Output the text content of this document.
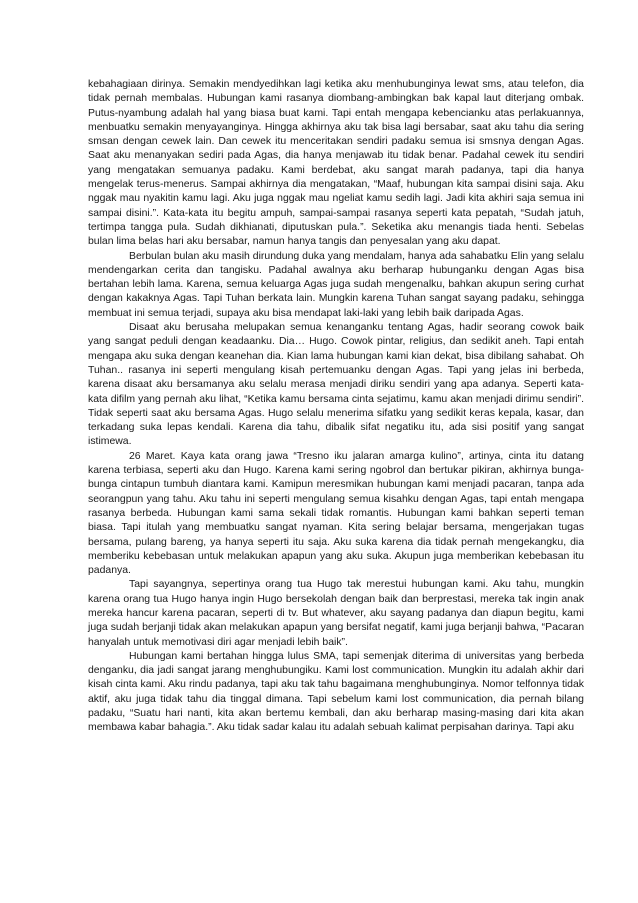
kebahagiaan dirinya. Semakin mendyedihkan lagi ketika aku menhubunginya lewat sms, atau telefon, dia tidak pernah membalas. Hubungan kami rasanya diombang-ambingkan bak kapal laut diterjang ombak. Putus-nyambung adalah hal yang biasa buat kami. Tapi entah mengapa kebencianku atas perlakuannya, menbuatku semakin menyayanginya. Hingga akhirnya aku tak bisa lagi bersabar, saat aku tahu dia sering smsan dengan cewek lain. Dan cewek itu menceritakan sendiri padaku semua isi smsnya dengan Agas. Saat aku menanyakan sediri pada Agas, dia hanya menjawab itu tidak benar. Padahal cewek itu sendiri yang mengatakan semuanya padaku. Kami berdebat, aku sangat marah padanya, tapi dia hanya mengelak terus-menerus. Sampai akhirnya dia mengatakan, “Maaf, hubungan kita sampai disini saja. Aku nggak mau nyakitin kamu lagi. Aku juga nggak mau ngeliat kamu sedih lagi. Jadi kita akhiri saja semua ini sampai disini.”. Kata-kata itu begitu ampuh, sampai-sampai rasanya seperti kata pepatah, “Sudah jatuh, tertimpa tangga pula. Sudah dikhianati, diputuskan pula.”. Seketika aku menangis tiada henti. Sebelas bulan lima belas hari aku bersabar, namun hanya tangis dan penyesalan yang aku dapat.

Berbulan bulan aku masih dirundung duka yang mendalam, hanya ada sahabatku Elin yang selalu mendengarkan cerita dan tangisku. Padahal awalnya aku berharap hubunganku dengan Agas bisa bertahan lebih lama. Karena, semua keluarga Agas juga sudah mengenalku, bahkan akupun sering curhat dengan kakaknya Agas. Tapi Tuhan berkata lain. Mungkin karena Tuhan sangat sayang padaku, sehingga membuat ini semua terjadi, supaya aku bisa mendapat laki-laki yang lebih baik daripada Agas.

Disaat aku berusaha melupakan semua kenanganku tentang Agas, hadir seorang cowok baik yang sangat peduli dengan keadaanku. Dia… Hugo. Cowok pintar, religius, dan sedikit aneh. Tapi entah mengapa aku suka dengan keanehan dia. Kian lama hubungan kami kian dekat, bisa dibilang sahabat. Oh Tuhan.. rasanya ini seperti mengulang kisah pertemuanku dengan Agas. Tapi yang jelas ini berbeda, karena disaat aku bersamanya aku selalu merasa menjadi diriku sendiri yang apa adanya. Seperti kata-kata difilm yang pernah aku lihat, “Ketika kamu bersama cinta sejatimu, kamu akan menjadi dirimu sendiri”. Tidak seperti saat aku bersama Agas. Hugo selalu menerima sifatku yang sedikit keras kepala, kasar, dan terkadang suka lepas kendali. Karena dia tahu, dibalik sifat negatiku itu, ada sisi positif yang sangat istimewa.

26 Maret. Kaya kata orang jawa “Tresno iku jalaran amarga kulino”, artinya, cinta itu datang karena terbiasa, seperti aku dan Hugo. Karena kami sering ngobrol dan bertukar pikiran, akhirnya bunga-bunga cintapun tumbuh diantara kami. Kamipun meresmikan hubungan kami menjadi pacaran, tanpa ada seorangpun yang tahu. Aku tahu ini seperti mengulang semua kisahku dengan Agas, tapi entah mengapa rasanya berbeda. Hubungan kami sama sekali tidak romantis. Hubungan kami bahkan seperti teman biasa. Tapi itulah yang membuatku sangat nyaman. Kita sering belajar bersama, mengerjakan tugas bersama, pulang bareng, ya hanya seperti itu saja. Aku suka karena dia tidak pernah mengekangku, dia memberiku kebebasan untuk melakukan apapun yang aku suka. Akupun juga memberikan kebebasan itu padanya.

Tapi sayangnya, sepertinya orang tua Hugo tak merestui hubungan kami. Aku tahu, mungkin karena orang tua Hugo hanya ingin Hugo bersekolah dengan baik dan berprestasi, mereka tak ingin anak mereka hancur karena pacaran, seperti di tv. But whatever, aku sayang padanya dan diapun begitu, kami juga sudah berjanji tidak akan melakukan apapun yang bersifat negatif, kami juga berjanji bahwa, “Pacaran hanyalah untuk memotivasi diri agar menjadi lebih baik”.

Hubungan kami bertahan hingga lulus SMA, tapi semenjak diterima di universitas yang berbeda denganku, dia jadi sangat jarang menghubungiku. Kami lost communication. Mungkin itu adalah akhir dari kisah cinta kami. Aku rindu padanya, tapi aku tak tahu bagaimana menghubunginya. Nomor telfonnya tidak aktif, aku juga tidak tahu dia tinggal dimana. Tapi sebelum kami lost communication, dia pernah bilang padaku, “Suatu hari nanti, kita akan bertemu kembali, dan aku berharap masing-masing dari kita akan membawa kabar bahagia.”. Aku tidak sadar kalau itu adalah sebuah kalimat perpisahan darinya. Tapi aku
